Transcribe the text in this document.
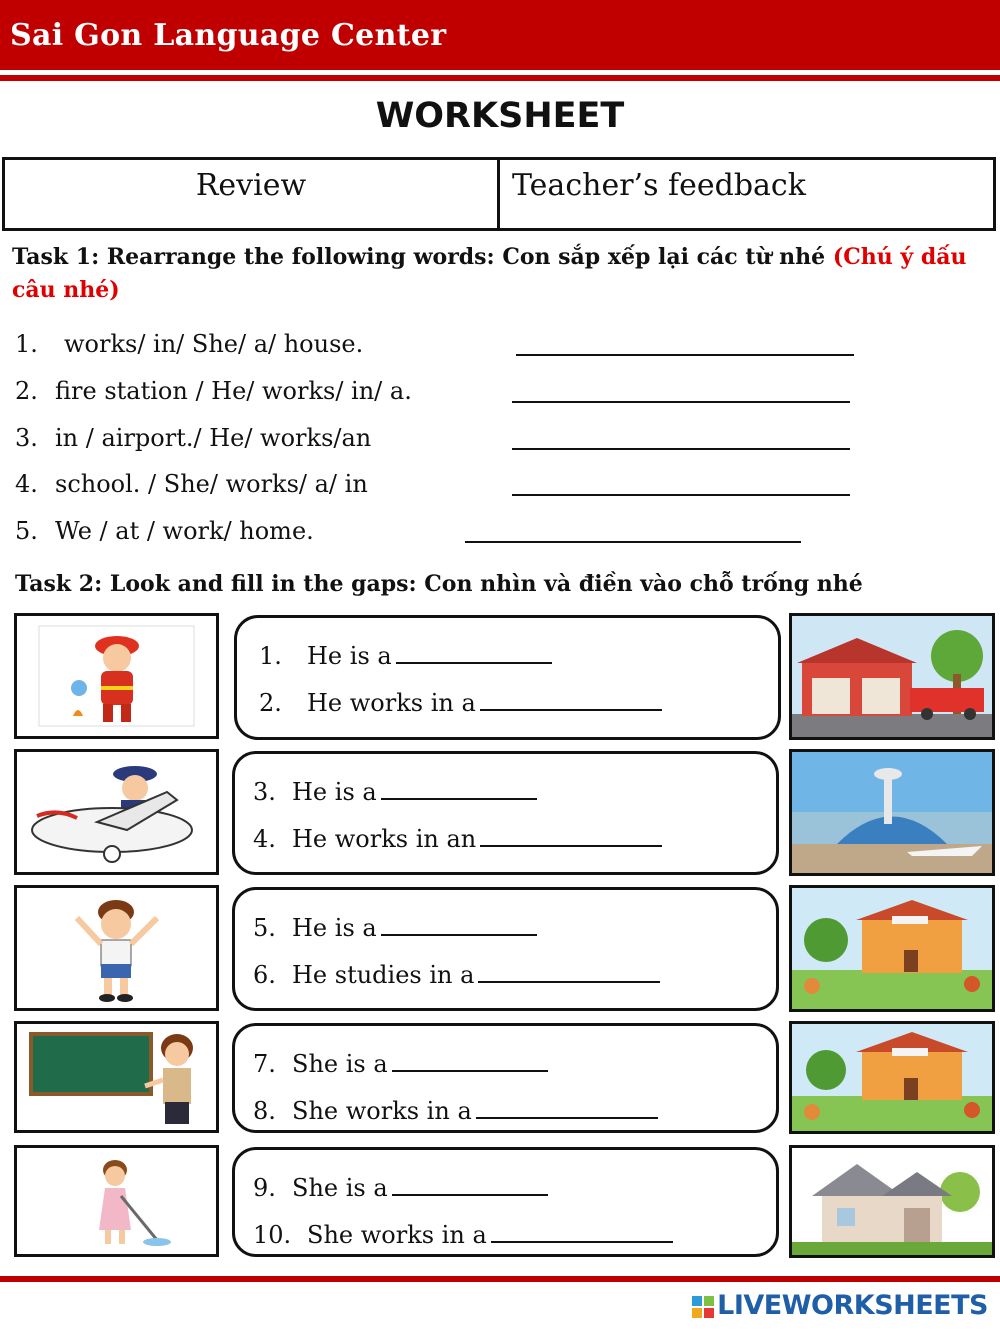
Sai Gon Language Center
WORKSHEET
Review	Teacher’s feedback
Task 1: Rearrange the following words: Con sắp xếp lại các từ nhé (Chú ý dấu câu nhé)
1. works/ in/ She/ a/ house.
2. fire station / He/ works/ in/ a.
3. in / airport./ He/ works/an
4. school. / She/ works/ a/ in
5. We / at / work/ home.
Task 2: Look and fill in the gaps: Con nhìn và điền vào chỗ trống nhé
1. He is a
2. He works in a
3. He is a
4. He works in an
5. He is a
6. He studies in a
7. She is a
8. She works in a
9. She is a
10. She works in a
LIVEWORKSHEETS
